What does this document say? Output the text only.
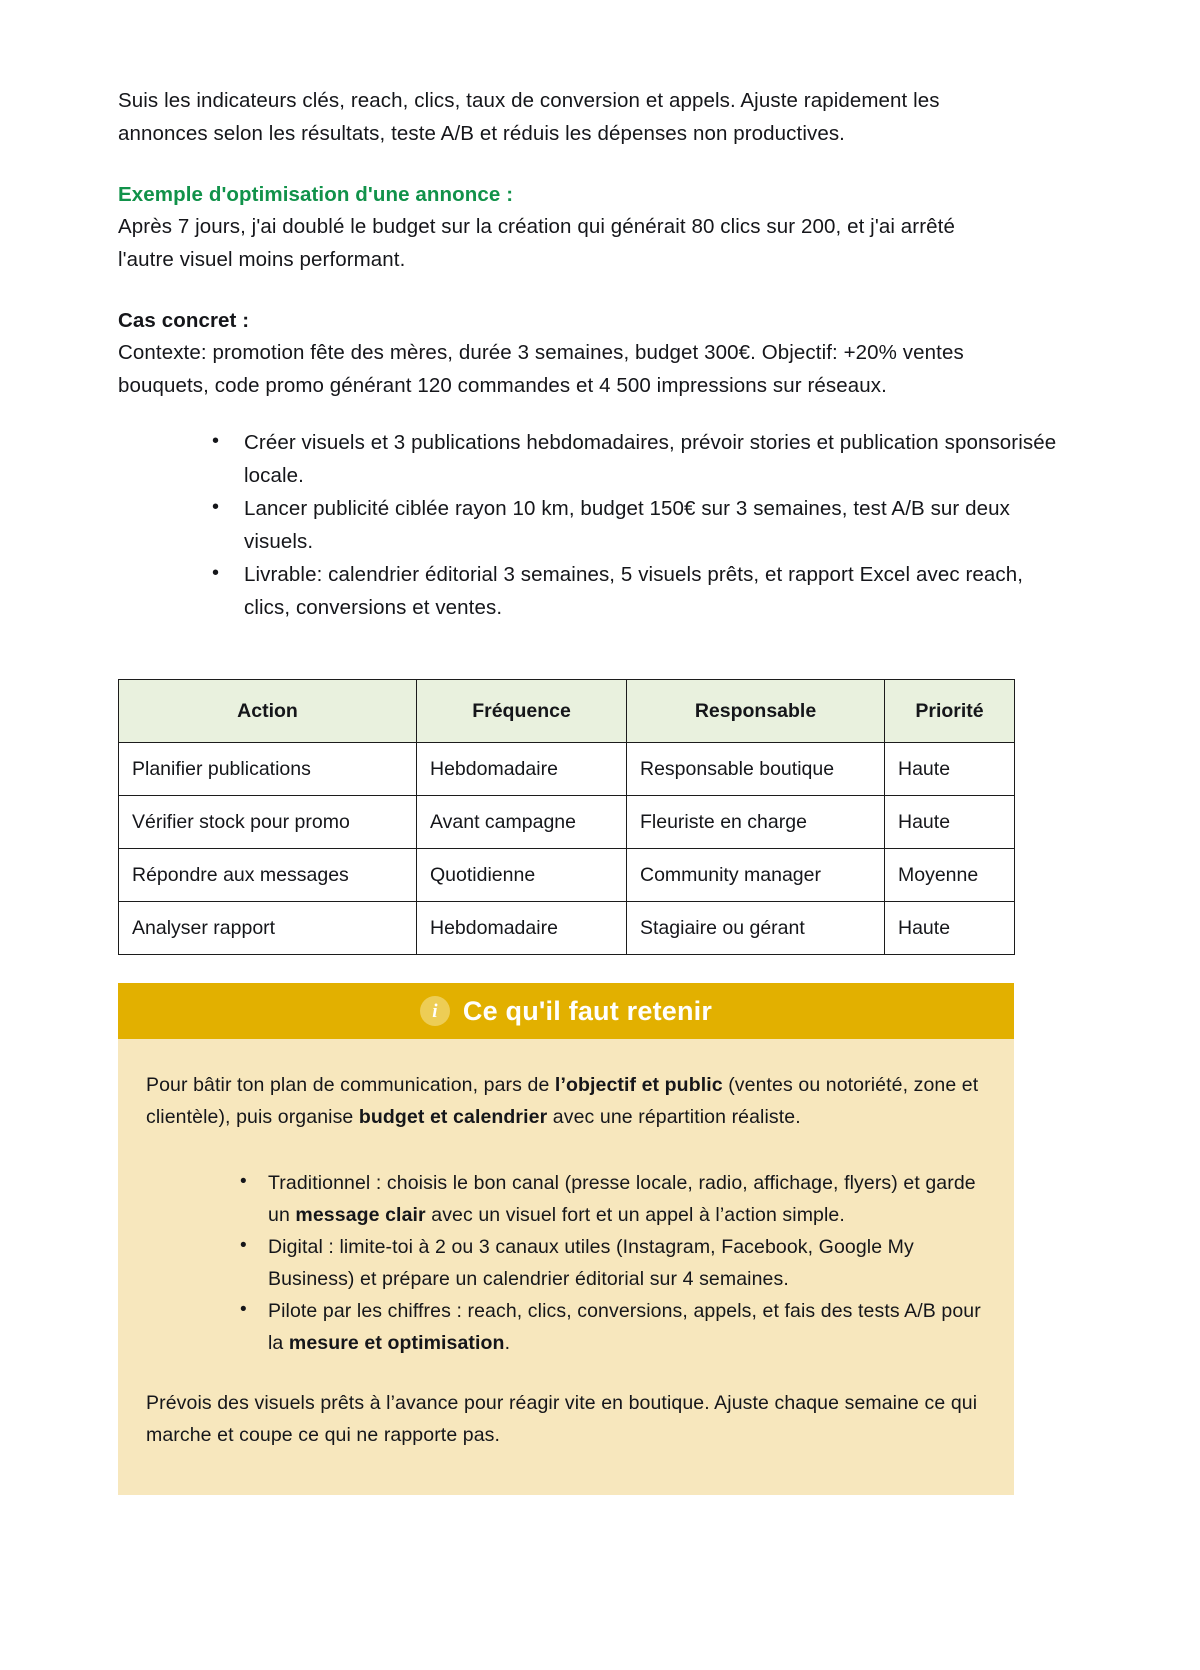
Suis les indicateurs clés, reach, clics, taux de conversion et appels. Ajuste rapidement les annonces selon les résultats, teste A/B et réduis les dépenses non productives.

Exemple d'optimisation d'une annonce :

Après 7 jours, j'ai doublé le budget sur la création qui générait 80 clics sur 200, et j'ai arrêté l'autre visuel moins performant.

Cas concret :

Contexte: promotion fête des mères, durée 3 semaines, budget 300€. Objectif: +20% ventes bouquets, code promo générant 120 commandes et 4 500 impressions sur réseaux.

• Créer visuels et 3 publications hebdomadaires, prévoir stories et publication sponsorisée locale.
• Lancer publicité ciblée rayon 10 km, budget 150€ sur 3 semaines, test A/B sur deux visuels.
• Livrable: calendrier éditorial 3 semaines, 5 visuels prêts, et rapport Excel avec reach, clics, conversions et ventes.
Action	Fréquence	Responsable	Priorité
Planifier publications	Hebdomadaire	Responsable boutique	Haute
Vérifier stock pour promo	Avant campagne	Fleuriste en charge	Haute
Répondre aux messages	Quotidienne	Community manager	Moyenne
Analyser rapport	Hebdomadaire	Stagiaire ou gérant	Haute
i Ce qu'il faut retenir

Pour bâtir ton plan de communication, pars de l’objectif et public (ventes ou notoriété, zone et clientèle), puis organise budget et calendrier avec une répartition réaliste.

• Traditionnel : choisis le bon canal (presse locale, radio, affichage, flyers) et garde un message clair avec un visuel fort et un appel à l’action simple.
• Digital : limite-toi à 2 ou 3 canaux utiles (Instagram, Facebook, Google My Business) et prépare un calendrier éditorial sur 4 semaines.
• Pilote par les chiffres : reach, clics, conversions, appels, et fais des tests A/B pour la mesure et optimisation.

Prévois des visuels prêts à l’avance pour réagir vite en boutique. Ajuste chaque semaine ce qui marche et coupe ce qui ne rapporte pas.
